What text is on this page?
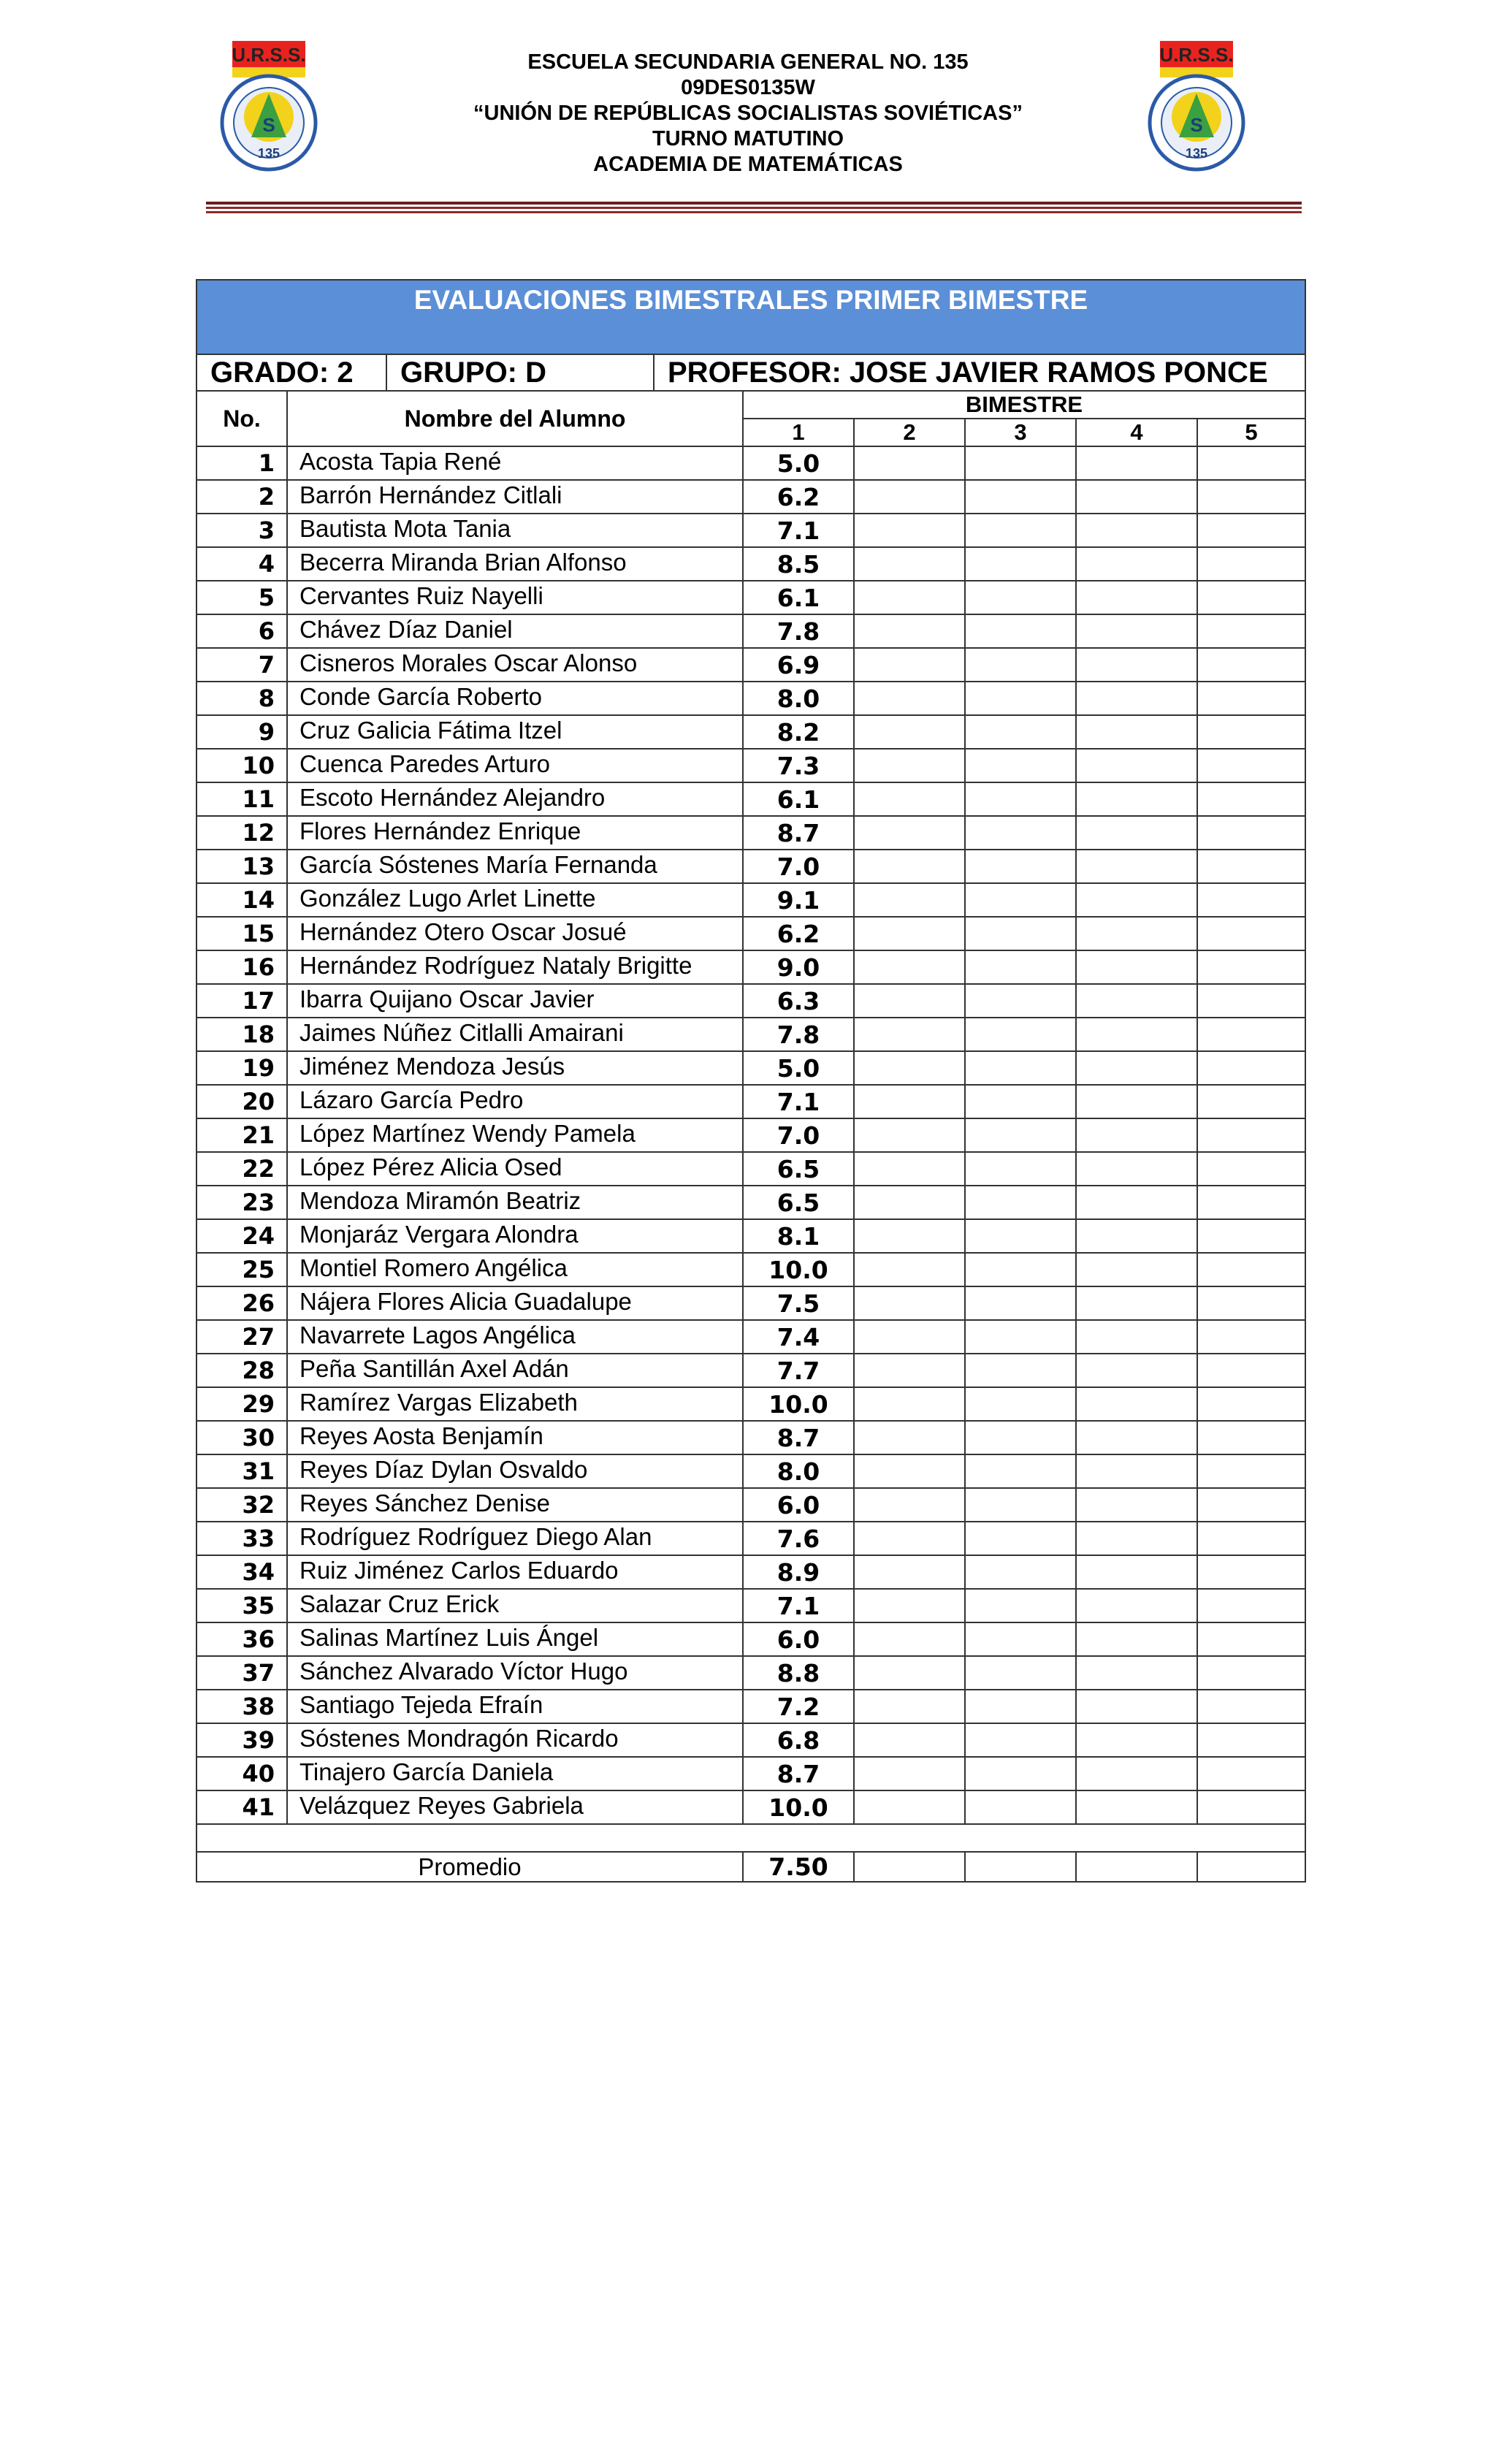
U.R.S.S.
S
135
ESCUELA SECUNDARIA GENERAL NO. 135
09DES0135W
“UNIÓN DE REPÚBLICAS SOCIALISTAS SOVIÉTICAS”
TURNO MATUTINO
ACADEMIA DE MATEMÁTICAS
U.R.S.S.
S
135
EVALUACIONES BIMESTRALES PRIMER BIMESTRE								
GRADO: 2		GRUPO: D	PROFESOR: JOSE JAVIER RAMOS PONCE					
No.	Nombre del Alumno			BIMESTRE				
				1	2	3	4	5
1	Acosta Tapia René			5.0				
2	Barrón Hernández Citlali			6.2				
3	Bautista Mota Tania			7.1				
4	Becerra Miranda Brian Alfonso			8.5				
5	Cervantes Ruiz Nayelli			6.1				
6	Chávez Díaz Daniel			7.8				
7	Cisneros Morales Oscar Alonso			6.9				
8	Conde García Roberto			8.0				
9	Cruz Galicia Fátima Itzel			8.2				
10	Cuenca Paredes Arturo			7.3				
11	Escoto Hernández Alejandro			6.1				
12	Flores Hernández Enrique			8.7				
13	García Sóstenes María Fernanda			7.0				
14	González Lugo Arlet Linette			9.1				
15	Hernández Otero Oscar Josué			6.2				
16	Hernández Rodríguez Nataly Brigitte			9.0				
17	Ibarra Quijano Oscar Javier			6.3				
18	Jaimes Núñez Citlalli Amairani			7.8				
19	Jiménez Mendoza Jesús			5.0				
20	Lázaro García Pedro			7.1				
21	López Martínez Wendy Pamela			7.0				
22	López Pérez Alicia Osed			6.5				
23	Mendoza Miramón Beatriz			6.5				
24	Monjaráz Vergara Alondra			8.1				
25	Montiel Romero Angélica			10.0				
26	Nájera Flores Alicia Guadalupe			7.5				
27	Navarrete Lagos Angélica			7.4				
28	Peña Santillán Axel Adán			7.7				
29	Ramírez Vargas Elizabeth			10.0				
30	Reyes Aosta Benjamín			8.7				
31	Reyes Díaz Dylan Osvaldo			8.0				
32	Reyes Sánchez Denise			6.0				
33	Rodríguez Rodríguez Diego Alan			7.6				
34	Ruiz Jiménez Carlos Eduardo			8.9				
35	Salazar Cruz Erick			7.1				
36	Salinas Martínez Luis Ángel			6.0				
37	Sánchez Alvarado Víctor Hugo			8.8				
38	Santiago Tejeda Efraín			7.2				
39	Sóstenes Mondragón Ricardo			6.8				
40	Tinajero García Daniela			8.7				
41	Velázquez Reyes Gabriela			10.0				

Promedio				7.50				
